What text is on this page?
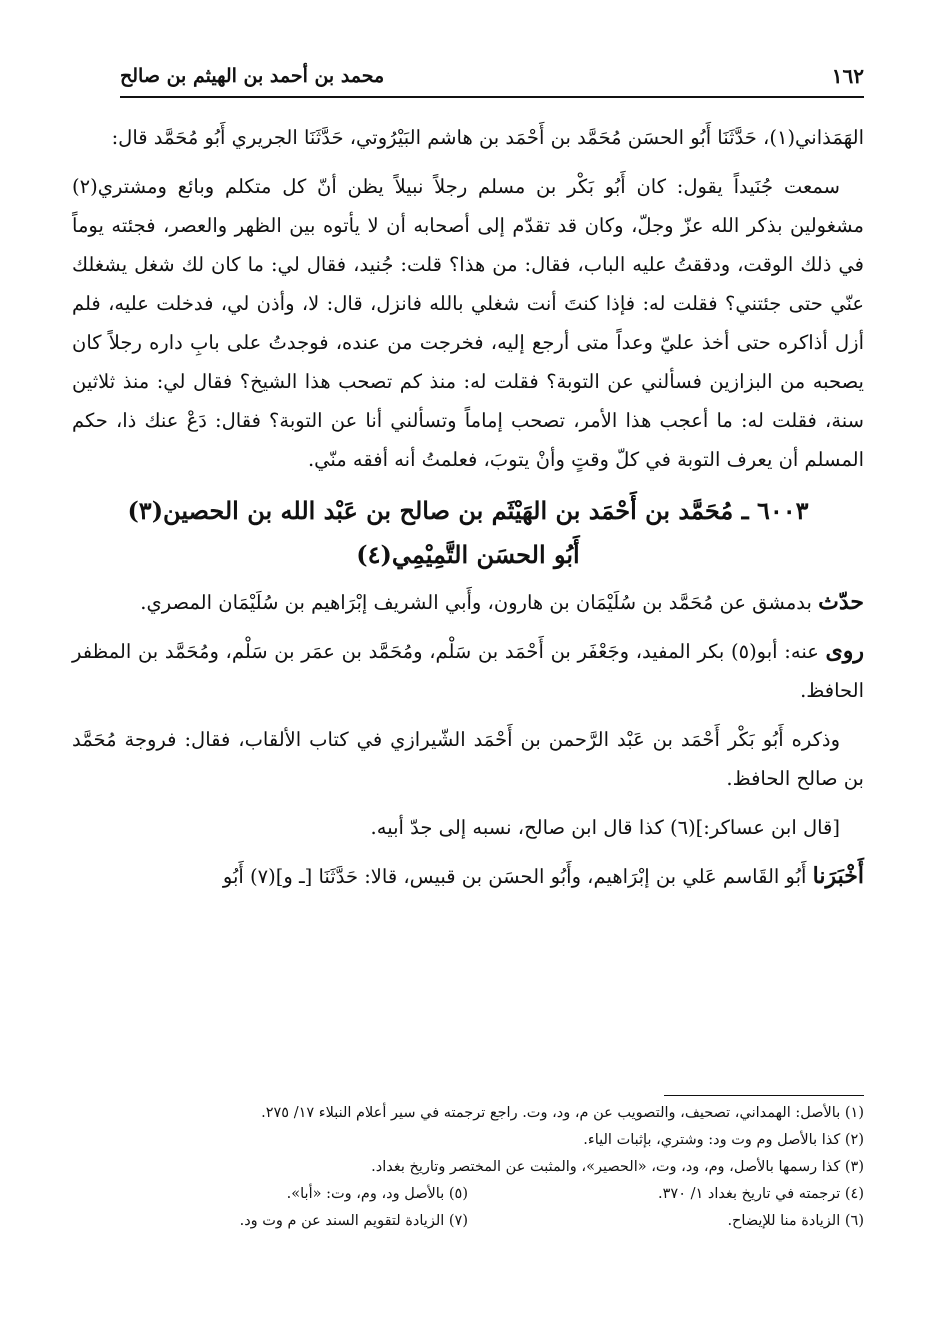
١٦٢
محمد بن أحمد بن الهيثم بن صالح

الهَمَذاني(١)، حَدَّثَنَا أَبُو الحسَن مُحَمَّد بن أَحْمَد بن هاشم البَيْرُوتي، حَدَّثَنَا الجريري أَبُو مُحَمَّد قال:

سمعت جُنَيداً يقول: كان أَبُو بَكْر بن مسلم رجلاً نبيلاً يظن أنّ كل متكلم وبائع ومشتري(٢) مشغولين بذكر الله عزّ وجلّ، وكان قد تقدّم إلى أصحابه أن لا يأتوه بين الظهر والعصر، فجئته يوماً في ذلك الوقت، ودققتُ عليه الباب، فقال: من هذا؟ قلت: جُنيد، فقال لي: ما كان لك شغل يشغلك عنّي حتى جئتني؟ فقلت له: فإذا كنتَ أنت شغلي بالله فانزل، قال: لا، وأذن لي، فدخلت عليه، فلم أزل أذاكره حتى أخذ عليّ وعداً متى أرجع إليه، فخرجت من عنده، فوجدتُ على بابِ داره رجلاً كان يصحبه من البزازين فسألني عن التوبة؟ فقلت له: منذ كم تصحب هذا الشيخ؟ فقال لي: منذ ثلاثين سنة، فقلت له: ما أعجب هذا الأمر، تصحب إماماً وتسألني أنا عن التوبة؟ فقال: دَعْ عنك ذا، حكم المسلم أن يعرف التوبة في كلّ وقتٍ وأنْ يتوبَ، فعلمتُ أنه أفقه منّي.

٦٠٠٣ ـ مُحَمَّد بن أَحْمَد بن الهَيْثَم بن صالح بن عَبْد الله بن الحصين(٣)
أَبُو الحسَن التَّمِيْمِي(٤)

حدّث بدمشق عن مُحَمَّد بن سُلَيْمَان بن هارون، وأَبي الشريف إبْرَاهيم بن سُلَيْمَان المصري.

روى عنه: أبو(٥) بكر المفيد، وجَعْفَر بن أَحْمَد بن سَلْم، ومُحَمَّد بن عمَر بن سَلْم، ومُحَمَّد بن المظفر الحافظ.

وذكره أَبُو بَكْر أَحْمَد بن عَبْد الرَّحمن بن أَحْمَد الشّيرازي في كتاب الألقاب، فقال: فروجة مُحَمَّد بن صالح الحافظ.

[قال ابن عساكر:](٦) كذا قال ابن صالح، نسبه إلى جدّ أبيه.

أَخْبَرَنا أَبُو القَاسم عَلي بن إبْرَاهيم، وأَبُو الحسَن بن قبيس، قالا: حَدَّثَنَا [ـ و](٧) أَبُو

(١) بالأصل: الهمداني، تصحيف، والتصويب عن م، ود، وت. راجع ترجمته في سير أعلام النبلاء ١٧/ ٢٧٥.
(٢) كذا بالأصل وم وت ود: وشتري، بإثبات الياء.
(٣) كذا رسمها بالأصل، وم، ود، وت، «الحصير»، والمثبت عن المختصر وتاريخ بغداد.
(٤) ترجمته في تاريخ بغداد ١/ ٣٧٠.
(٥) بالأصل ود، وم، وت: «أبا».
(٦) الزيادة منا للإيضاح.
(٧) الزيادة لتقويم السند عن م وت ود.
